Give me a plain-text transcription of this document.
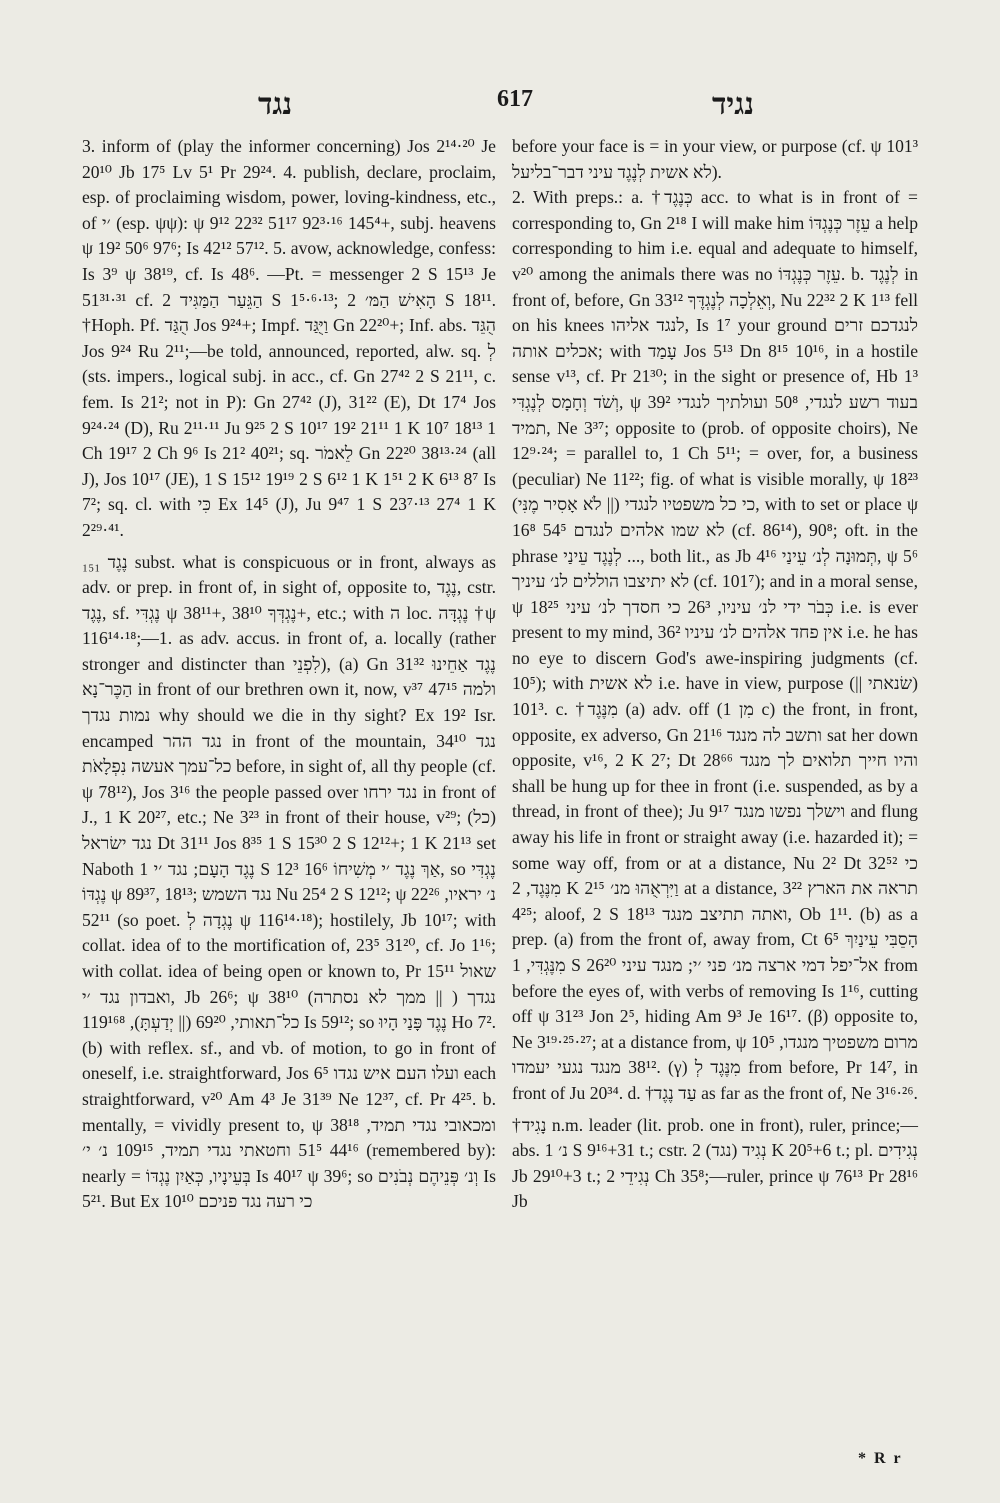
נגד	617	נגיד

3. inform of (play the informer concerning) Jos 2¹⁴·²⁰ Je 20¹⁰ Jb 17⁵ Lv 5¹ Pr 29²⁴. 4. publish, declare, proclaim, esp. of proclaiming wisdom, power, loving-kindness, etc., of ׳י (esp. ψψ): ψ 9¹² 22³² 51¹⁷ 92³·¹⁶ 145⁴+, subj. heavens ψ 19² 50⁶ 97⁶; Is 42¹² 57¹². 5. avow, acknowledge, confess: Is 3⁹ ψ 38¹⁹, cf. Is 48⁶. —Pt. = messenger 2 S 15¹³ Je 51³¹·³¹ cf. הַגֵּעַר הַמַּגִּיד 2 S 1⁵·⁶·¹³; הָאִישׁ הַמּ׳ 2 S 18¹¹. †Hoph. Pf. הֻגַּד Jos 9²⁴+; Impf. וַיֻּגַּד Gn 22²⁰+; Inf. abs. הֻגֵּד Jos 9²⁴ Ru 2¹¹;—be told, announced, reported, alw. sq. לְ (sts. impers., logical subj. in acc., cf. Gn 27⁴² 2 S 21¹¹, c. fem. Is 21²; not in P): Gn 27⁴² (J), 31²² (E), Dt 17⁴ Jos 9²⁴·²⁴ (D), Ru 2¹¹·¹¹ Ju 9²⁵ 2 S 10¹⁷ 19² 21¹¹ 1 K 10⁷ 18¹³ 1 Ch 19¹⁷ 2 Ch 9⁶ Is 21² 40²¹; sq. לֵאמֹר Gn 22²⁰ 38¹³·²⁴ (all J), Jos 10¹⁷ (JE), 1 S 15¹² 19¹⁹ 2 S 6¹² 1 K 1⁵¹ 2 K 6¹³ 8⁷ Is 7²; sq. cl. with כִּי Ex 14⁵ (J), Ju 9⁴⁷ 1 S 23⁷·¹³ 27⁴ 1 K 2²⁹·⁴¹.

נֶגֶד ₁₅₁ subst. what is conspicuous or in front, always as adv. or prep. in front of, in sight of, opposite to, נֶגֶד, cstr. נֶגֶד, sf. נֶגְדִּי ψ 38¹¹+, נֶגְדְּךָ 38¹⁰+, etc.; with ה loc. נֶגְדָּה †ψ 116¹⁴·¹⁸;—1. as adv. accus. in front of, a. locally (rather stronger and distincter than לִפְנֵי), (a) Gn 31³² נֶגֶד אַחֵינוּ הַכֶּר־נָא in front of our brethren own it, now, v³⁷ 47¹⁵ ולמה נמות נגדך why should we die in thy sight? Ex 19² Isr. encamped נגד ההר in front of the mountain, 34¹⁰ נגד כל־עמך אעשה נִפְלָאֹת before, in sight of, all thy people (cf. ψ 78¹²), Jos 3¹⁶ the people passed over נגד ירחו in front of J., 1 K 20²⁷, etc.; Ne 3²³ in front of their house, v²⁹; (כל) נגד ישׂראל Dt 31¹¹ Jos 8³⁵ 1 S 15³⁰ 2 S 12¹²+; 1 K 21¹³ set Naboth נֶגֶד הָעָם; נגד ׳י 1 S 12³ 16⁶ אַךְ נֶגֶד ׳י מְשִׁיחוֹ, so נֶגְדִּי נֶגְדּוֹ ψ 89³⁷, 18¹³; נגד השמש Nu 25⁴ 2 S 12¹²; ψ 22²⁶ נ׳ יראיו, 52¹¹ (so poet. נֶגְדָה לְ ψ 116¹⁴·¹⁸); hostilely, Jb 10¹⁷; with collat. idea of to the mortification of, 23⁵ 31²⁰, cf. Jo 1¹⁶; with collat. idea of being open or known to, Pr 15¹¹ שאול ואבדון נגד ׳י, Jb 26⁶; ψ 38¹⁰ (ממך לא נסתרה || ) נגדך כל־תאותי, 69²⁰ (|| יְדַעְתָּ), 119¹⁶⁸ Is 59¹²; so נֶגֶד פָּנַי הָיוּ Ho 7². (b) with reflex. sf., and vb. of motion, to go in front of oneself, i.e. straightforward, Jos 6⁵ ועלו העם איש נגדו each straightforward, v²⁰ Am 4³ Je 31³⁹ Ne 12³⁷, cf. Pr 4²⁵. b. mentally, = vividly present to, ψ 38¹⁸ ומכאובי נגדי תמיד, 44¹⁶ 51⁵ וחטאתי נגדי תמיד, 109¹⁵ נ׳ י׳ (remembered by): nearly = בְּעֵינָיו, כְּאַיִן נֶגְדּוֹ Is 40¹⁷ ψ 39⁶; so וְנ׳ פְּנֵיהֶם נְבֹנִים Is 5²¹. But Ex 10¹⁰ כי רעה נגד פניכם

before your face is = in your view, or purpose (cf. ψ 101³ לא אשית לְנֶגֶד עיני דבר־בליעל).

2. With preps.: a. †כְּנֶגֶד acc. to what is in front of = corresponding to, Gn 2¹⁸ I will make him עֵזֶר כְּנֶגְדּוֹ a help corresponding to him i.e. equal and adequate to himself, v²⁰ among the animals there was no עֵזֶר כְּנֶגְדּוֹ. b. לְנֶגֶד in front of, before, Gn 33¹² וְאֵלְכָה לְנֶגְדֶּךָ, Nu 22³² 2 K 1¹³ fell on his knees לנגד אליהו, Is 1⁷ your ground לנגדכם זרים אכלים אותה; with עָמַד Jos 5¹³ Dn 8¹⁵ 10¹⁶, in a hostile sense v¹³, cf. Pr 21³⁰; in the sight or presence of, Hb 1³ וְשֹׁד וְחָמָס לְנֶגְדִּי, ψ 39² בעוד רשע לנגדי, 50⁸ ועולתיך לנגדי תמיד, Ne 3³⁷; opposite to (prob. of opposite choirs), Ne 12⁹·²⁴; = parallel to, 1 Ch 5¹¹; = over, for, a business (peculiar) Ne 11²²; fig. of what is visible morally, ψ 18²³ כי כל משפטיו לנגדי (|| לֹא אָסִיר מֶנִּי), with to set or place ψ 16⁸ 54⁵ לא שמו אלהים לנגדם (cf. 86¹⁴), 90⁸; oft. in the phrase לְנֶגֶד עֵינַי ..., both lit., as Jb 4¹⁶ תְּמוּנָה לְנ׳ עֵינַי, ψ 5⁶ לא יתיצבו הוללים לנ׳ עיניך (cf. 101⁷); and in a moral sense, ψ 18²⁵ כְּבֹר ידי לנ׳ עיניו, 26³ כי חסדך לנ׳ עיני i.e. is ever present to my mind, 36² אין פחד אלהים לנ׳ עיניו i.e. he has no eye to discern God's awe-inspiring judgments (cf. 10⁵); with לא אשית i.e. have in view, purpose (|| שׂנאתי) 101³. c. †מִנֶּגֶד (a) adv. off (מִן 1 c) the front, in front, opposite, ex adverso, Gn 21¹⁶ ותשב לה מנגד sat her down opposite, v¹⁶, 2 K 2⁷; Dt 28⁶⁶ והיו חייך תלואים לך מנגד shall be hung up for thee in front (i.e. suspended, as by a thread, in front of thee); Ju 9¹⁷ וישלך נפשו מנגד and flung away his life in front or straight away (i.e. hazarded it); = some way off, from or at a distance, Nu 2² Dt 32⁵² כי מִנֶּגֶד, 2 K 2¹⁵ וַיִּרְאֻהוּ מנ׳ at a distance, תראה את הארץ 3²² 4²⁵; aloof, 2 S 18¹³ ואתה תתיצב מנגד, Ob 1¹¹. (b) as a prep. (a) from the front of, away from, Ct 6⁵ הָסֵבִּי עֵינַיִךְ מִנֶּגְדִּי, 1 S 26²⁰ אל־יפל דמי ארצה מנ׳ פני ׳י; מנגד עיני from before the eyes of, with verbs of removing Is 1¹⁶, cutting off ψ 31²³ Jon 2⁵, hiding Am 9³ Je 16¹⁷. (β) opposite to, Ne 3¹⁹·²⁵·²⁷; at a distance from, ψ 10⁵ מרום משפטיך מנגדו, 38¹² מנגד נגעי יעמדו. (γ) מִנֶּגֶד לְ from before, Pr 14⁷, in front of Ju 20³⁴. d. †עַד נֶגֶד as far as the front of, Ne 3¹⁶·²⁶.

†נָגִיד n.m. leader (lit. prob. one in front), ruler, prince;—abs. נ׳ 1 S 9¹⁶+31 t.; cstr. נְגִיד (נגד) 2 K 20⁵+6 t.; pl. נְגִידִים Jb 29¹⁰+3 t.; נְגִידֵי 2 Ch 35⁸;—ruler, prince ψ 76¹³ Pr 28¹⁶ Jb

* R r
